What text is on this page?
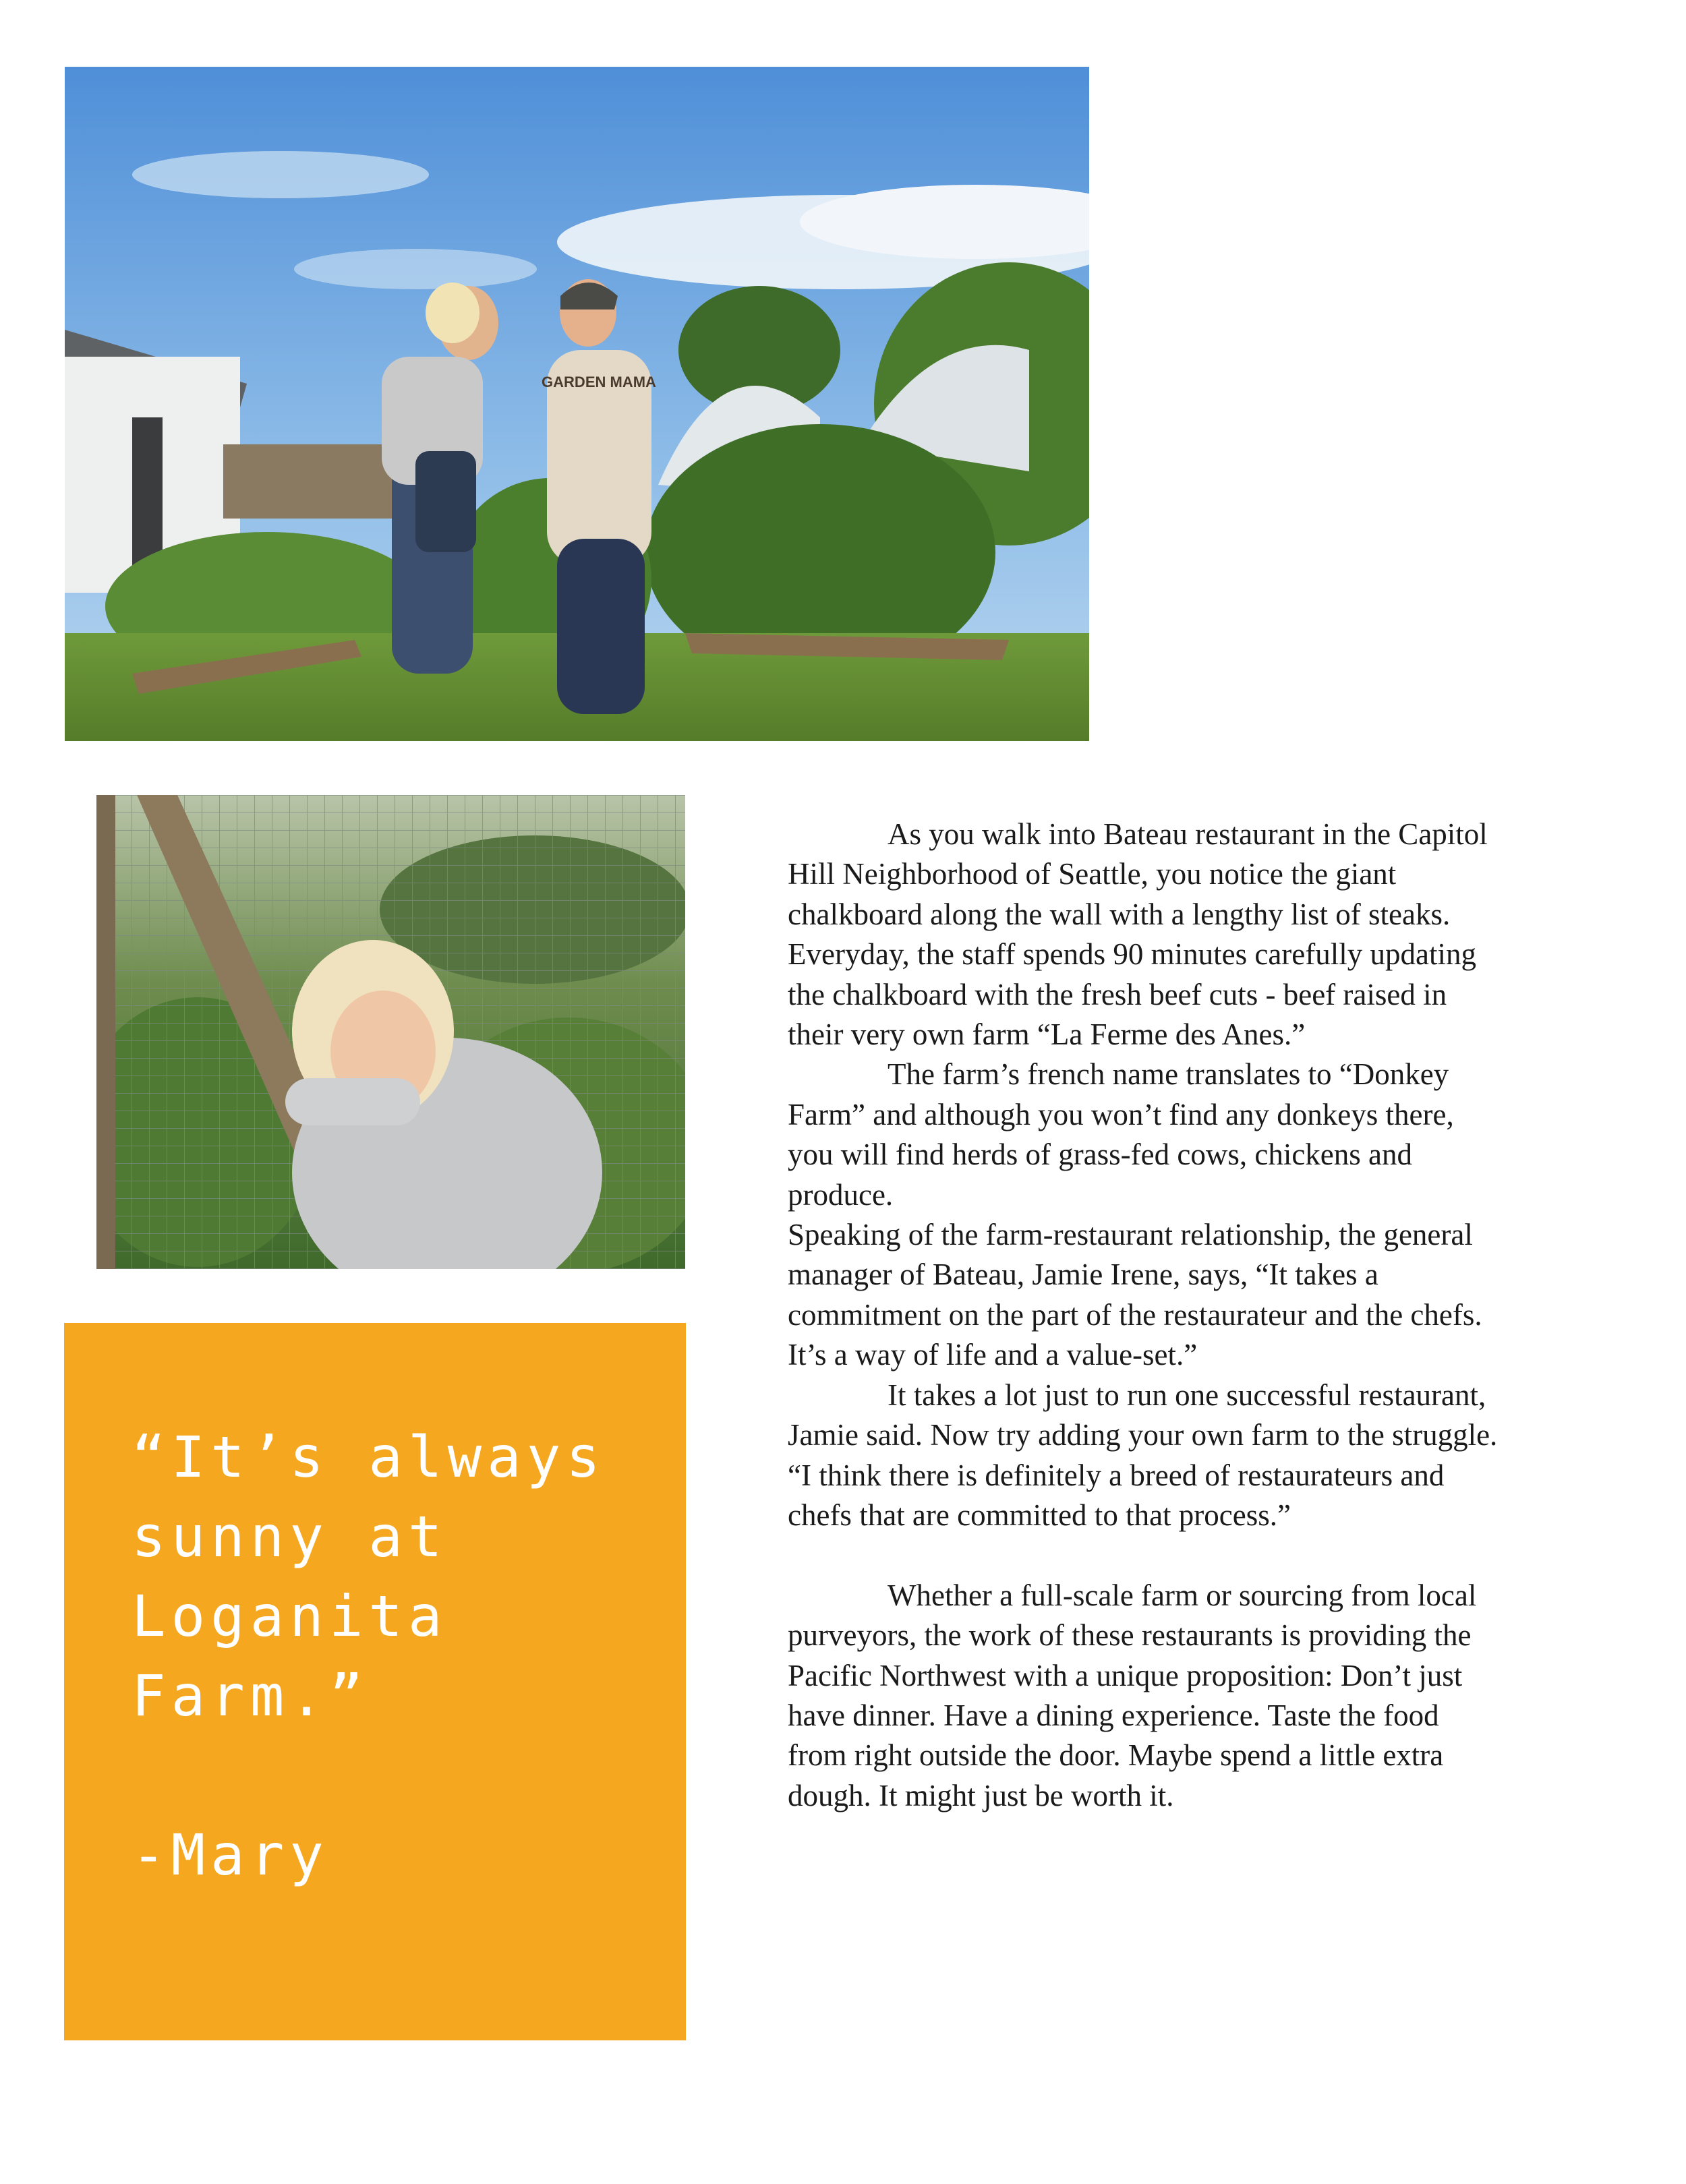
GARDEN MAMA

“It’s always sunny at Loganita Farm.”

-Mary

As you walk into Bateau restaurant in the Capitol Hill Neighborhood of Seattle, you notice the giant chalkboard along the wall with a lengthy list of steaks. Everyday, the staff spends 90 minutes carefully updating the chalkboard with the fresh beef cuts - beef raised in their very own farm “La Ferme des Anes.”

The farm’s french name translates to “Donkey Farm” and although you won’t find any donkeys there, you will find herds of grass-fed cows, chickens and produce.

Speaking of the farm-restaurant relationship, the general manager of Bateau, Jamie Irene, says, “It takes a commitment on the part of the restaurateur and the chefs. It’s a way of life and a value-set.”

It takes a lot just to run one successful restaurant, Jamie said. Now try adding your own farm to the struggle. “I think there is definitely a breed of restaurateurs and chefs that are committed to that process.”

Whether a full-scale farm or sourcing from local purveyors, the work of these restaurants is providing the Pacific Northwest with a unique proposition: Don’t just have dinner. Have a dining experience. Taste the food from right outside the door. Maybe spend a little extra dough. It might just be worth it.
